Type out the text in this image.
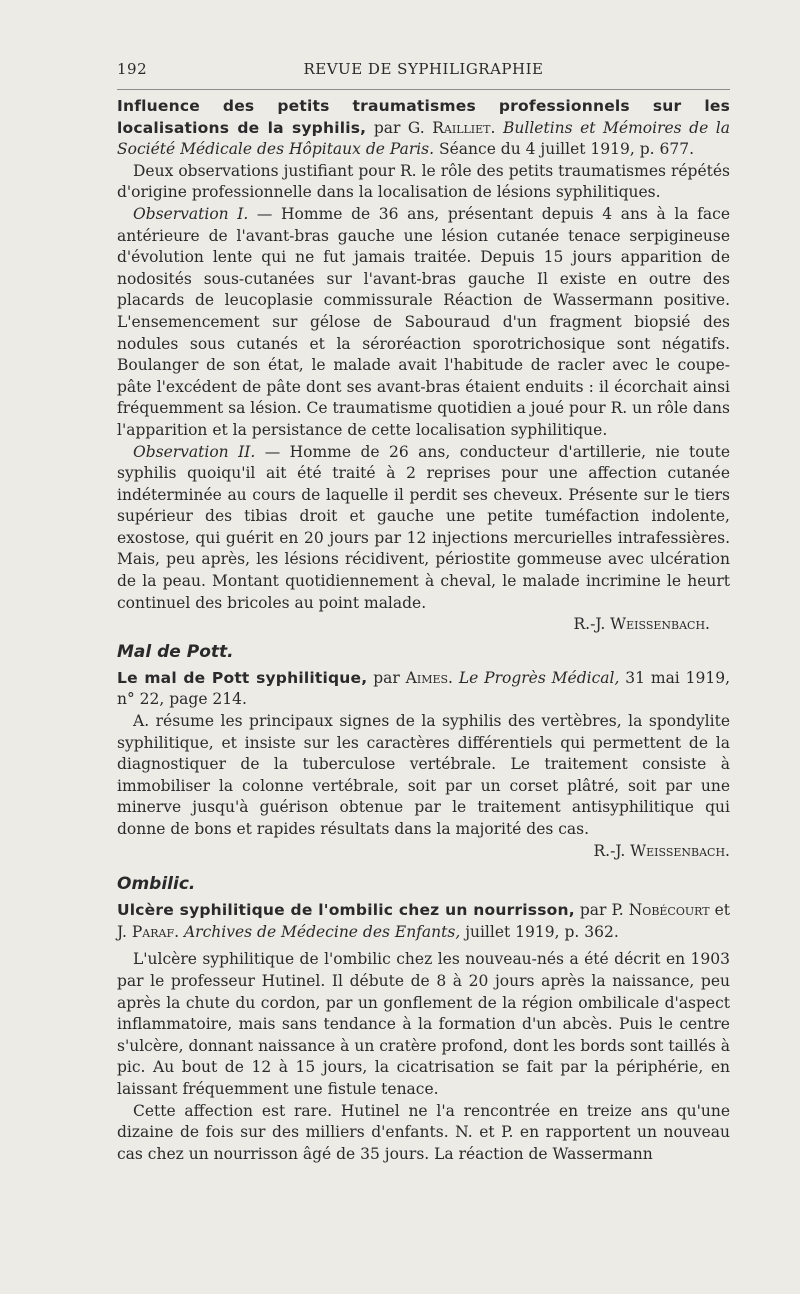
192	REVUE DE SYPHILIGRAPHIE

Influence des petits traumatismes professionnels sur les localisations de la syphilis, par G. Railliet. Bulletins et Mémoires de la Société Médicale des Hôpitaux de Paris. Séance du 4 juillet 1919, p. 677.

Deux observations justifiant pour R. le rôle des petits traumatismes répétés d'origine professionnelle dans la localisation de lésions syphilitiques.

Observation I. — Homme de 36 ans, présentant depuis 4 ans à la face antérieure de l'avant-bras gauche une lésion cutanée tenace serpigineuse d'évolution lente qui ne fut jamais traitée. Depuis 15 jours apparition de nodosités sous-cutanées sur l'avant-bras gauche Il existe en outre des placards de leucoplasie commissurale Réaction de Wassermann positive. L'ensemencement sur gélose de Sabouraud d'un fragment biopsié des nodules sous cutanés et la séroréaction sporotrichosique sont négatifs. Boulanger de son état, le malade avait l'habitude de racler avec le coupe-pâte l'excédent de pâte dont ses avant-bras étaient enduits : il écorchait ainsi fréquemment sa lésion. Ce traumatisme quotidien a joué pour R. un rôle dans l'apparition et la persistance de cette localisation syphilitique.

Observation II. — Homme de 26 ans, conducteur d'artillerie, nie toute syphilis quoiqu'il ait été traité à 2 reprises pour une affection cutanée indéterminée au cours de laquelle il perdit ses cheveux. Présente sur le tiers supérieur des tibias droit et gauche une petite tuméfaction indolente, exostose, qui guérit en 20 jours par 12 injections mercurielles intrafessières. Mais, peu après, les lésions récidivent, périostite gommeuse avec ulcération de la peau. Montant quotidiennement à cheval, le malade incrimine le heurt continuel des bricoles au point malade.

R.-J. Weissenbach.

Mal de Pott.

Le mal de Pott syphilitique, par Aimes. Le Progrès Médical, 31 mai 1919, n° 22, page 214.

A. résume les principaux signes de la syphilis des vertèbres, la spondylite syphilitique, et insiste sur les caractères différentiels qui permettent de la diagnostiquer de la tuberculose vertébrale. Le traitement consiste à immobiliser la colonne vertébrale, soit par un corset plâtré, soit par une minerve jusqu'à guérison obtenue par le traitement antisyphilitique qui donne de bons et rapides résultats dans la majorité des cas.
R.-J. Weissenbach.

Ombilic.

Ulcère syphilitique de l'ombilic chez un nourrisson, par P. Nobécourt et J. Paraf. Archives de Médecine des Enfants, juillet 1919, p. 362.

L'ulcère syphilitique de l'ombilic chez les nouveau-nés a été décrit en 1903 par le professeur Hutinel. Il débute de 8 à 20 jours après la naissance, peu après la chute du cordon, par un gonflement de la région ombilicale d'aspect inflammatoire, mais sans tendance à la formation d'un abcès. Puis le centre s'ulcère, donnant naissance à un cratère profond, dont les bords sont taillés à pic. Au bout de 12 à 15 jours, la cicatrisation se fait par la périphérie, en laissant fréquemment une fistule tenace.

Cette affection est rare. Hutinel ne l'a rencontrée en treize ans qu'une dizaine de fois sur des milliers d'enfants. N. et P. en rapportent un nouveau cas chez un nourrisson âgé de 35 jours. La réaction de Wassermann
